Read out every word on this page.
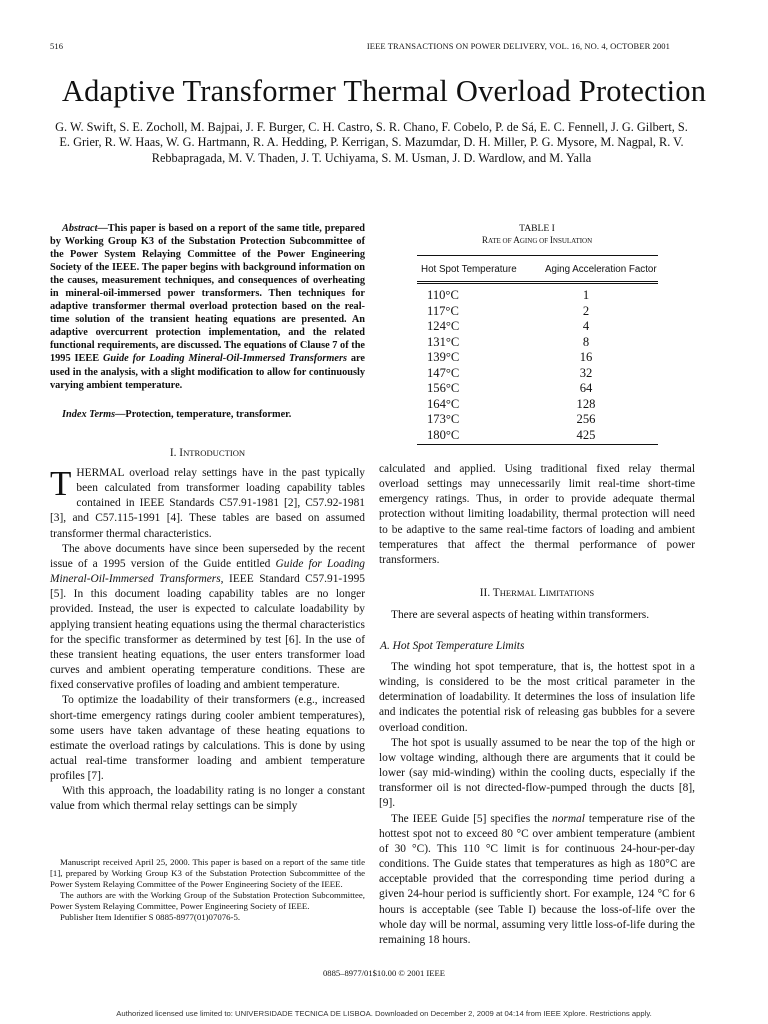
516	IEEE TRANSACTIONS ON POWER DELIVERY, VOL. 16, NO. 4, OCTOBER 2001
Adaptive Transformer Thermal Overload Protection
G. W. Swift, S. E. Zocholl, M. Bajpai, J. F. Burger, C. H. Castro, S. R. Chano, F. Cobelo, P. de Sá, E. C. Fennell, J. G. Gilbert, S. E. Grier, R. W. Haas, W. G. Hartmann, R. A. Hedding, P. Kerrigan, S. Mazumdar, D. H. Miller, P. G. Mysore, M. Nagpal, R. V. Rebbapragada, M. V. Thaden, J. T. Uchiyama, S. M. Usman, J. D. Wardlow, and M. Yalla
Abstract—This paper is based on a report of the same title, prepared by Working Group K3 of the Substation Protection Subcommittee of the Power System Relaying Committee of the Power Engineering Society of the IEEE. The paper begins with background information on the causes, measurement techniques, and consequences of overheating in mineral-oil-immersed power transformers. Then techniques for adaptive transformer thermal overload protection based on the real-time solution of the transient heating equations are presented. An adaptive overcurrent protection implementation, and the related functional requirements, are discussed. The equations of Clause 7 of the 1995 IEEE Guide for Loading Mineral-Oil-Immersed Transformers are used in the analysis, with a slight modification to allow for continuously varying ambient temperature.
Index Terms—Protection, temperature, transformer.
I. INTRODUCTION

THERMAL overload relay settings have in the past typically been calculated from transformer loading capability tables contained in IEEE Standards C57.91-1981 [2], C57.92-1981 [3], and C57.115-1991 [4]. These tables are based on assumed transformer thermal characteristics.

The above documents have since been superseded by the recent issue of a 1995 version of the Guide entitled Guide for Loading Mineral-Oil-Immersed Transformers, IEEE Standard C57.91-1995 [5]. In this document loading capability tables are no longer provided. Instead, the user is expected to calculate loadability by applying transient heating equations using the thermal characteristics for the specific transformer as determined by test [6]. In the use of these transient heating equations, the user enters transformer load curves and ambient operating temperature conditions. These are fixed conservative profiles of loading and ambient temperature.

To optimize the loadability of their transformers (e.g., increased short-time emergency ratings during cooler ambient temperatures), some users have taken advantage of these heating equations to estimate the overload ratings by calculations. This is done by using actual real-time transformer loading and ambient temperature profiles [7].

With this approach, the loadability rating is no longer a constant value from which thermal relay settings can be simply

Manuscript received April 25, 2000. This paper is based on a report of the same title [1], prepared by Working Group K3 of the Substation Protection Subcommittee of the Power System Relaying Committee of the Power Engineering Society of the IEEE.

The authors are with the Working Group of the Substation Protection Subcommittee, Power System Relaying Committee, Power Engineering Society of IEEE.

Publisher Item Identifier S 0885-8977(01)07076-5.

TABLE I
RATE OF AGING OF INSULATION
Hot Spot Temperature	Aging Acceleration Factor
110°C	1
117°C	2
124°C	4
131°C	8
139°C	16
147°C	32
156°C	64
164°C	128
173°C	256
180°C	425

calculated and applied. Using traditional fixed relay thermal overload settings may unnecessarily limit real-time short-time emergency ratings. Thus, in order to provide adequate thermal protection without limiting loadability, thermal protection will need to be adaptive to the same real-time factors of loading and ambient temperatures that affect the thermal performance of power transformers.

II. THERMAL LIMITATIONS

There are several aspects of heating within transformers.

A. Hot Spot Temperature Limits

The winding hot spot temperature, that is, the hottest spot in a winding, is considered to be the most critical parameter in the determination of loadability. It determines the loss of insulation life and indicates the potential risk of releasing gas bubbles for a severe overload condition.

The hot spot is usually assumed to be near the top of the high or low voltage winding, although there are arguments that it could be lower (say mid-winding) within the cooling ducts, especially if the transformer oil is not directed-flow-pumped through the ducts [8], [9].

The IEEE Guide [5] specifies the normal temperature rise of the hottest spot not to exceed 80 °C over ambient temperature (ambient of 30 °C). This 110 °C limit is for continuous 24-hour-per-day conditions. The Guide states that temperatures as high as 180°C are acceptable provided that the corresponding time period during a given 24-hour period is sufficiently short. For example, 124 °C for 6 hours is acceptable (see Table I) because the loss-of-life over the whole day will be normal, assuming very little loss-of-life during the remaining 18 hours.

0885–8977/01$10.00 © 2001 IEEE
Authorized licensed use limited to: UNIVERSIDADE TECNICA DE LISBOA. Downloaded on December 2, 2009 at 04:14 from IEEE Xplore. Restrictions apply.
